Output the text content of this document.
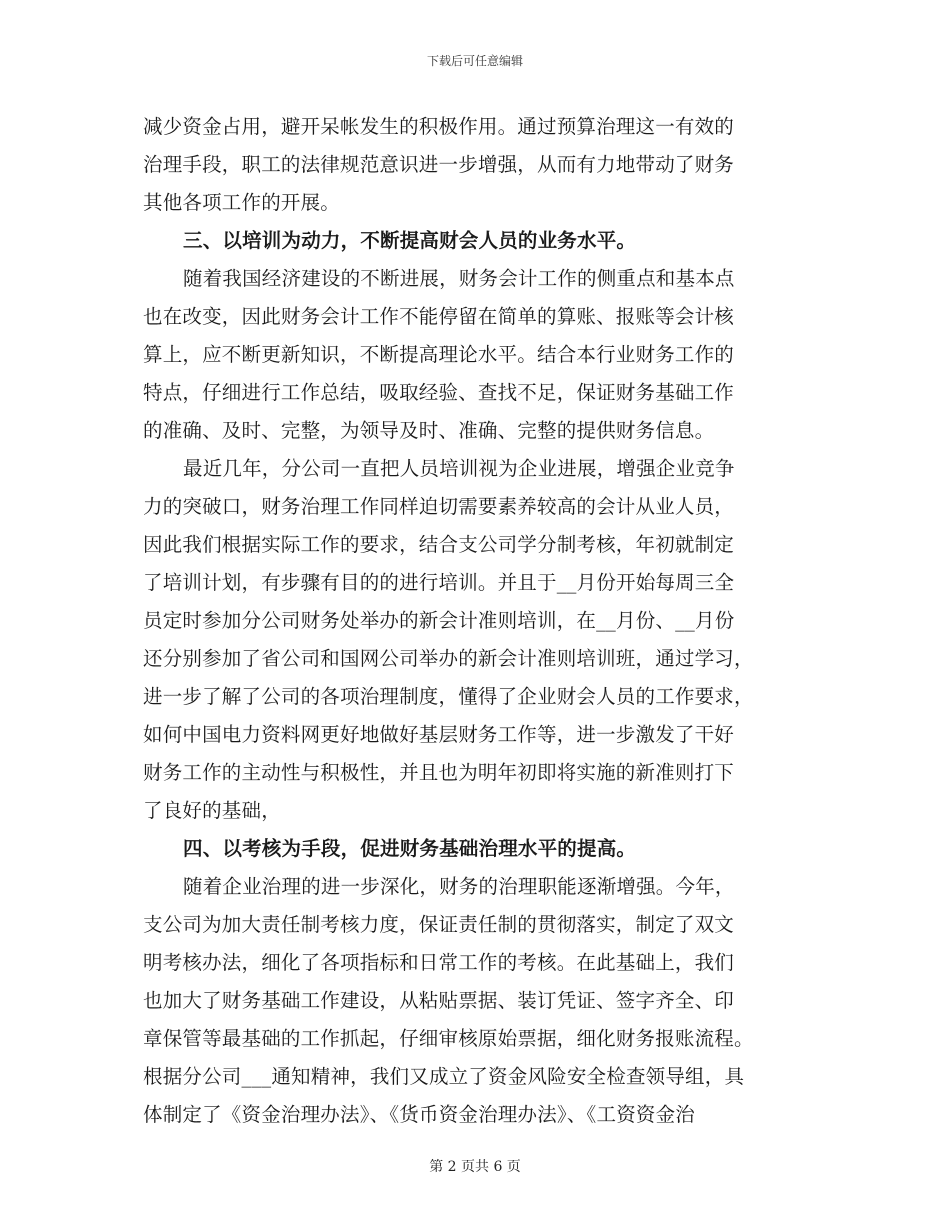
下载后可任意编辑
减少资金占用，避开呆帐发生的积极作用。通过预算治理这一有效的
治理手段，职工的法律规范意识进一步增强，从而有力地带动了财务
其他各项工作的开展。
三、以培训为动力，不断提高财会人员的业务水平。
随着我国经济建设的不断进展，财务会计工作的侧重点和基本点
也在改变，因此财务会计工作不能停留在简单的算账、报账等会计核
算上，应不断更新知识，不断提高理论水平。结合本行业财务工作的
特点，仔细进行工作总结，吸取经验、查找不足，保证财务基础工作
的准确、及时、完整，为领导及时、准确、完整的提供财务信息。
最近几年，分公司一直把人员培训视为企业进展，增强企业竞争
力的突破口，财务治理工作同样迫切需要素养较高的会计从业人员，
因此我们根据实际工作的要求，结合支公司学分制考核，年初就制定
了培训计划，有步骤有目的的进行培训。并且于__月份开始每周三全
员定时参加分公司财务处举办的新会计准则培训，在__月份、__月份
还分别参加了省公司和国网公司举办的新会计准则培训班，通过学习，
进一步了解了公司的各项治理制度，懂得了企业财会人员的工作要求，
如何中国电力资料网更好地做好基层财务工作等，进一步激发了干好
财务工作的主动性与积极性，并且也为明年初即将实施的新准则打下
了良好的基础，
四、以考核为手段，促进财务基础治理水平的提高。
随着企业治理的进一步深化，财务的治理职能逐渐增强。今年，
支公司为加大责任制考核力度，保证责任制的贯彻落实，制定了双文
明考核办法，细化了各项指标和日常工作的考核。在此基础上，我们
也加大了财务基础工作建设，从粘贴票据、装订凭证、签字齐全、印
章保管等最基础的工作抓起，仔细审核原始票据，细化财务报账流程。
根据分公司___通知精神，我们又成立了资金风险安全检查领导组，具
体制定了《资金治理办法》、《货币资金治理办法》、《工资资金治
第 2 页共 6 页
